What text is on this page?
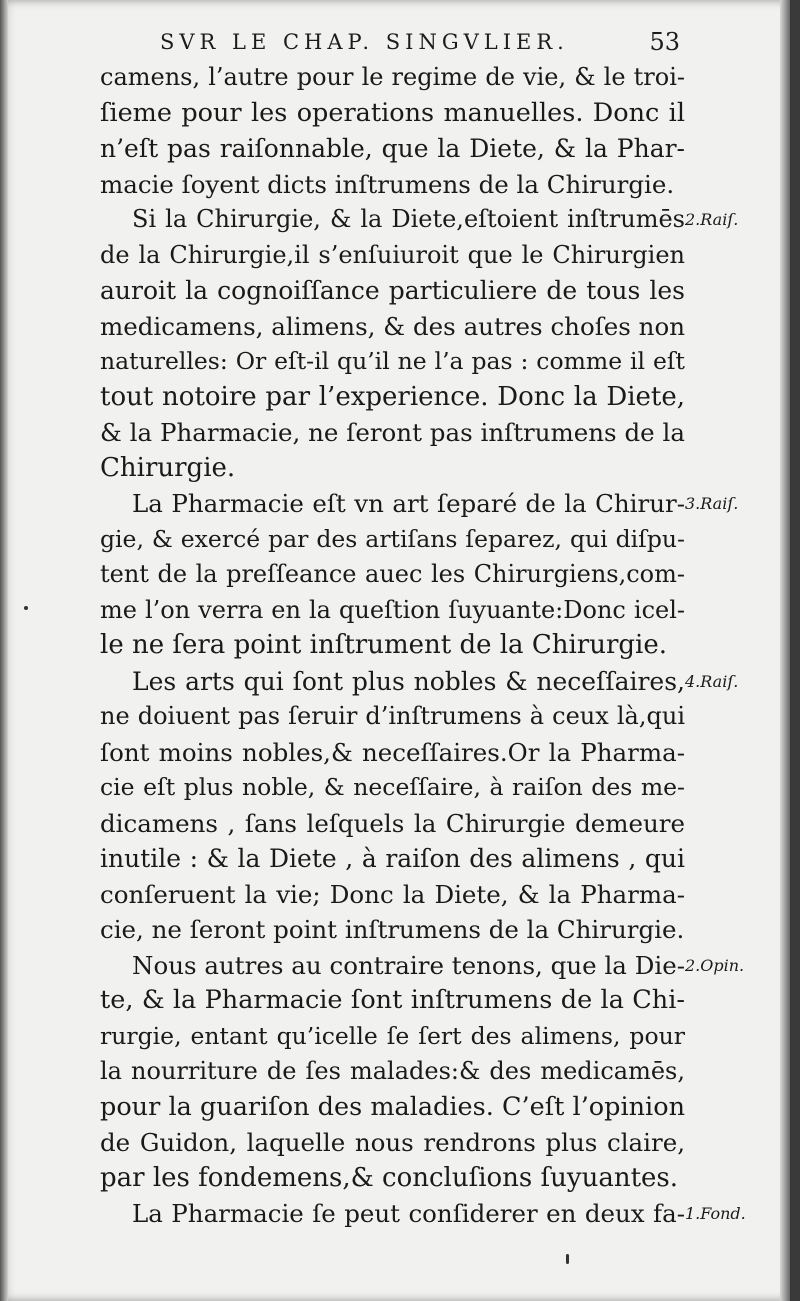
SVR LE CHAP. SINGVLIER.	53
camens, l’autre pour le regime de vie, & le troi-
ſieme pour les operations manuelles. Donc il
n’eſt pas raiſonnable, que la Diete, & la Phar-
macie ſoyent dicts inſtrumens de la Chirurgie.
Si la Chirurgie, & la Diete,eſtoient inſtrumēs
de la Chirurgie,il s’enſuiuroit que le Chirurgien
auroit la cognoiſſance particuliere de tous les
medicamens, alimens, & des autres choſes non
naturelles: Or eſt-il qu’il ne l’a pas : comme il eſt
tout notoire par l’experience. Donc la Diete,
& la Pharmacie, ne ſeront pas inſtrumens de la
Chirurgie.
La Pharmacie eſt vn art ſeparé de la Chirur-
gie, & exercé par des artiſans ſeparez, qui diſpu-
tent de la preſſeance auec les Chirurgiens,com-
me l’on verra en la queſtion ſuyuante:Donc icel-
le ne ſera point inſtrument de la Chirurgie.
Les arts qui ſont plus nobles & neceſſaires,
ne doiuent pas ſeruir d’inſtrumens à ceux là,qui
ſont moins nobles,& neceſſaires.Or la Pharma-
cie eſt plus noble, & neceſſaire, à raiſon des me-
dicamens , ſans leſquels la Chirurgie demeure
inutile : & la Diete , à raiſon des alimens , qui
conſeruent la vie; Donc la Diete, & la Pharma-
cie, ne ſeront point inſtrumens de la Chirurgie.
Nous autres au contraire tenons, que la Die-
te, & la Pharmacie ſont inſtrumens de la Chi-
rurgie, entant qu’icelle ſe ſert des alimens, pour
la nourriture de ſes malades:& des medicamēs,
pour la guariſon des maladies. C’eſt l’opinion
de Guidon, laquelle nous rendrons plus claire,
par les fondemens,& concluſions ſuyuantes.
La Pharmacie ſe peut conſiderer en deux fa-
2.Raiſ.
3.Raiſ.
4.Raiſ.
2.Opin.
1.Fond.
